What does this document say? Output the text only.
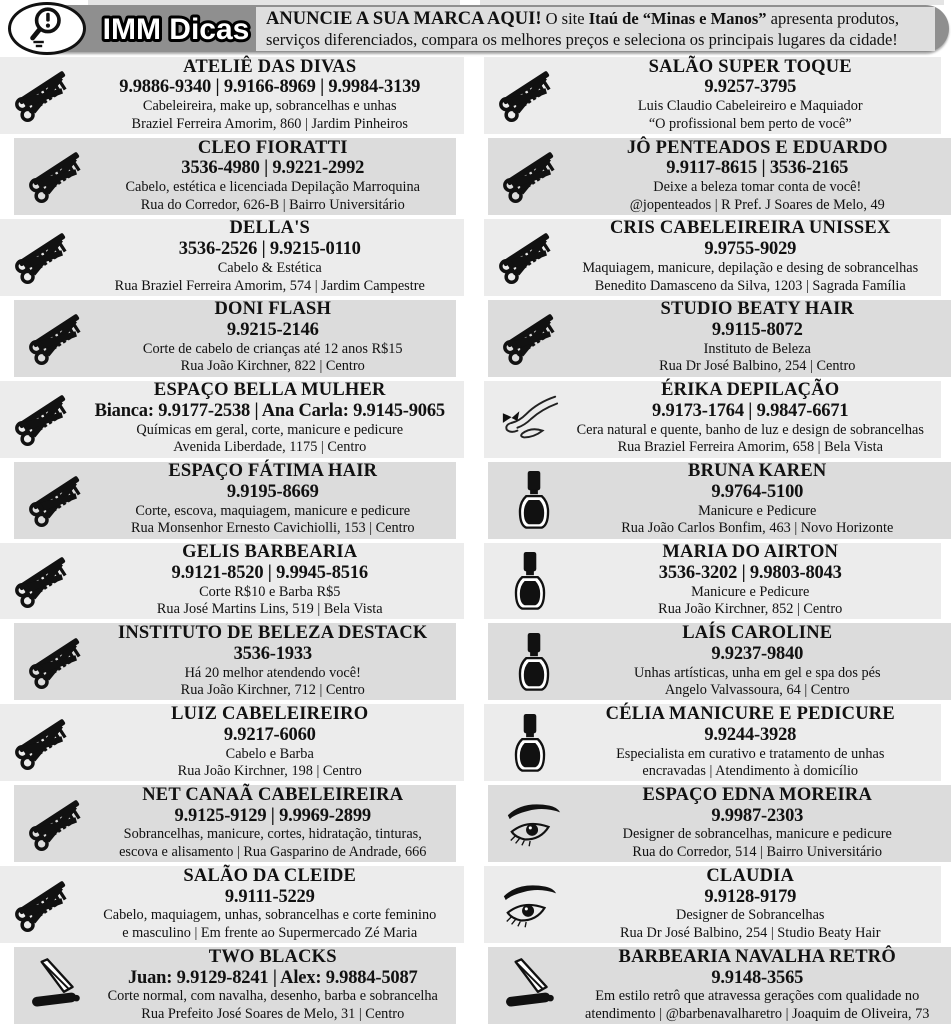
IMM Dicas ANUNCIE A SUA MARCA AQUI! O site Itaú de “Minas e Manos” apresenta produtos, serviços diferenciados, compara os melhores preços e seleciona os principais lugares da cidade!

ATELIÊ DAS DIVAS
9.9886-9340 | 9.9166-8969 | 9.9984-3139
Cabeleireira, make up, sobrancelhas e unhas
Braziel Ferreira Amorim, 860 | Jardim Pinheiros
CLEO FIORATTI
3536-4980 | 9.9221-2992
Cabelo, estética e licenciada Depilação Marroquina
Rua do Corredor, 626-B | Bairro Universitário
DELLA'S
3536-2526 | 9.9215-0110
Cabelo & Estética
Rua Braziel Ferreira Amorim, 574 | Jardim Campestre
DONI FLASH
9.9215-2146
Corte de cabelo de crianças até 12 anos R$15
Rua João Kirchner, 822 | Centro
ESPAÇO BELLA MULHER
Bianca: 9.9177-2538 | Ana Carla: 9.9145-9065
Químicas em geral, corte, manicure e pedicure
Avenida Liberdade, 1175 | Centro
ESPAÇO FÁTIMA HAIR
9.9195-8669
Corte, escova, maquiagem, manicure e pedicure
Rua Monsenhor Ernesto Cavichiolli, 153 | Centro
GELIS BARBEARIA
9.9121-8520 | 9.9945-8516
Corte R$10 e Barba R$5
Rua José Martins Lins, 519 | Bela Vista
INSTITUTO DE BELEZA DESTACK
3536-1933
Há 20 melhor atendendo você!
Rua João Kirchner, 712 | Centro
LUIZ CABELEIREIRO
9.9217-6060
Cabelo e Barba
Rua João Kirchner, 198 | Centro
NET CANAÃ CABELEIREIRA
9.9125-9129 | 9.9969-2899
Sobrancelhas, manicure, cortes, hidratação, tinturas,
escova e alisamento | Rua Gasparino de Andrade, 666
SALÃO DA CLEIDE
9.9111-5229
Cabelo, maquiagem, unhas, sobrancelhas e corte feminino
e masculino | Em frente ao Supermercado Zé Maria
TWO BLACKS
Juan: 9.9129-8241 | Alex: 9.9884-5087
Corte normal, com navalha, desenho, barba e sobrancelha
Rua Prefeito José Soares de Melo, 31 | Centro
SALÃO SUPER TOQUE
9.9257-3795
Luis Claudio Cabeleireiro e Maquiador
“O profissional bem perto de você”
JÔ PENTEADOS E EDUARDO
9.9117-8615 | 3536-2165
Deixe a beleza tomar conta de você!
@jopenteados | R Pref. J Soares de Melo, 49
CRIS CABELEIREIRA UNISSEX
9.9755-9029
Maquiagem, manicure, depilação e desing de sobrancelhas
Benedito Damasceno da Silva, 1203 | Sagrada Família
STUDIO BEATY HAIR
9.9115-8072
Instituto de Beleza
Rua Dr José Balbino, 254 | Centro
ÉRIKA DEPILAÇÃO
9.9173-1764 | 9.9847-6671
Cera natural e quente, banho de luz e design de sobrancelhas
Rua Braziel Ferreira Amorim, 658 | Bela Vista
BRUNA KAREN
9.9764-5100
Manicure e Pedicure
Rua João Carlos Bonfim, 463 | Novo Horizonte
MARIA DO AIRTON
3536-3202 | 9.9803-8043
Manicure e Pedicure
Rua João Kirchner, 852 | Centro
LAÍS CAROLINE
9.9237-9840
Unhas artísticas, unha em gel e spa dos pés
Angelo Valvassoura, 64 | Centro
CÉLIA MANICURE E PEDICURE
9.9244-3928
Especialista em curativo e tratamento de unhas
encravadas | Atendimento à domicílio
ESPAÇO EDNA MOREIRA
9.9987-2303
Designer de sobrancelhas, manicure e pedicure
Rua do Corredor, 514 | Bairro Universitário
CLAUDIA
9.9128-9179
Designer de Sobrancelhas
Rua Dr José Balbino, 254 | Studio Beaty Hair
BARBEARIA NAVALHA RETRÔ
9.9148-3565
Em estilo retrô que atravessa gerações com qualidade no
atendimento | @barbenavalharetro | Joaquim de Oliveira, 73
